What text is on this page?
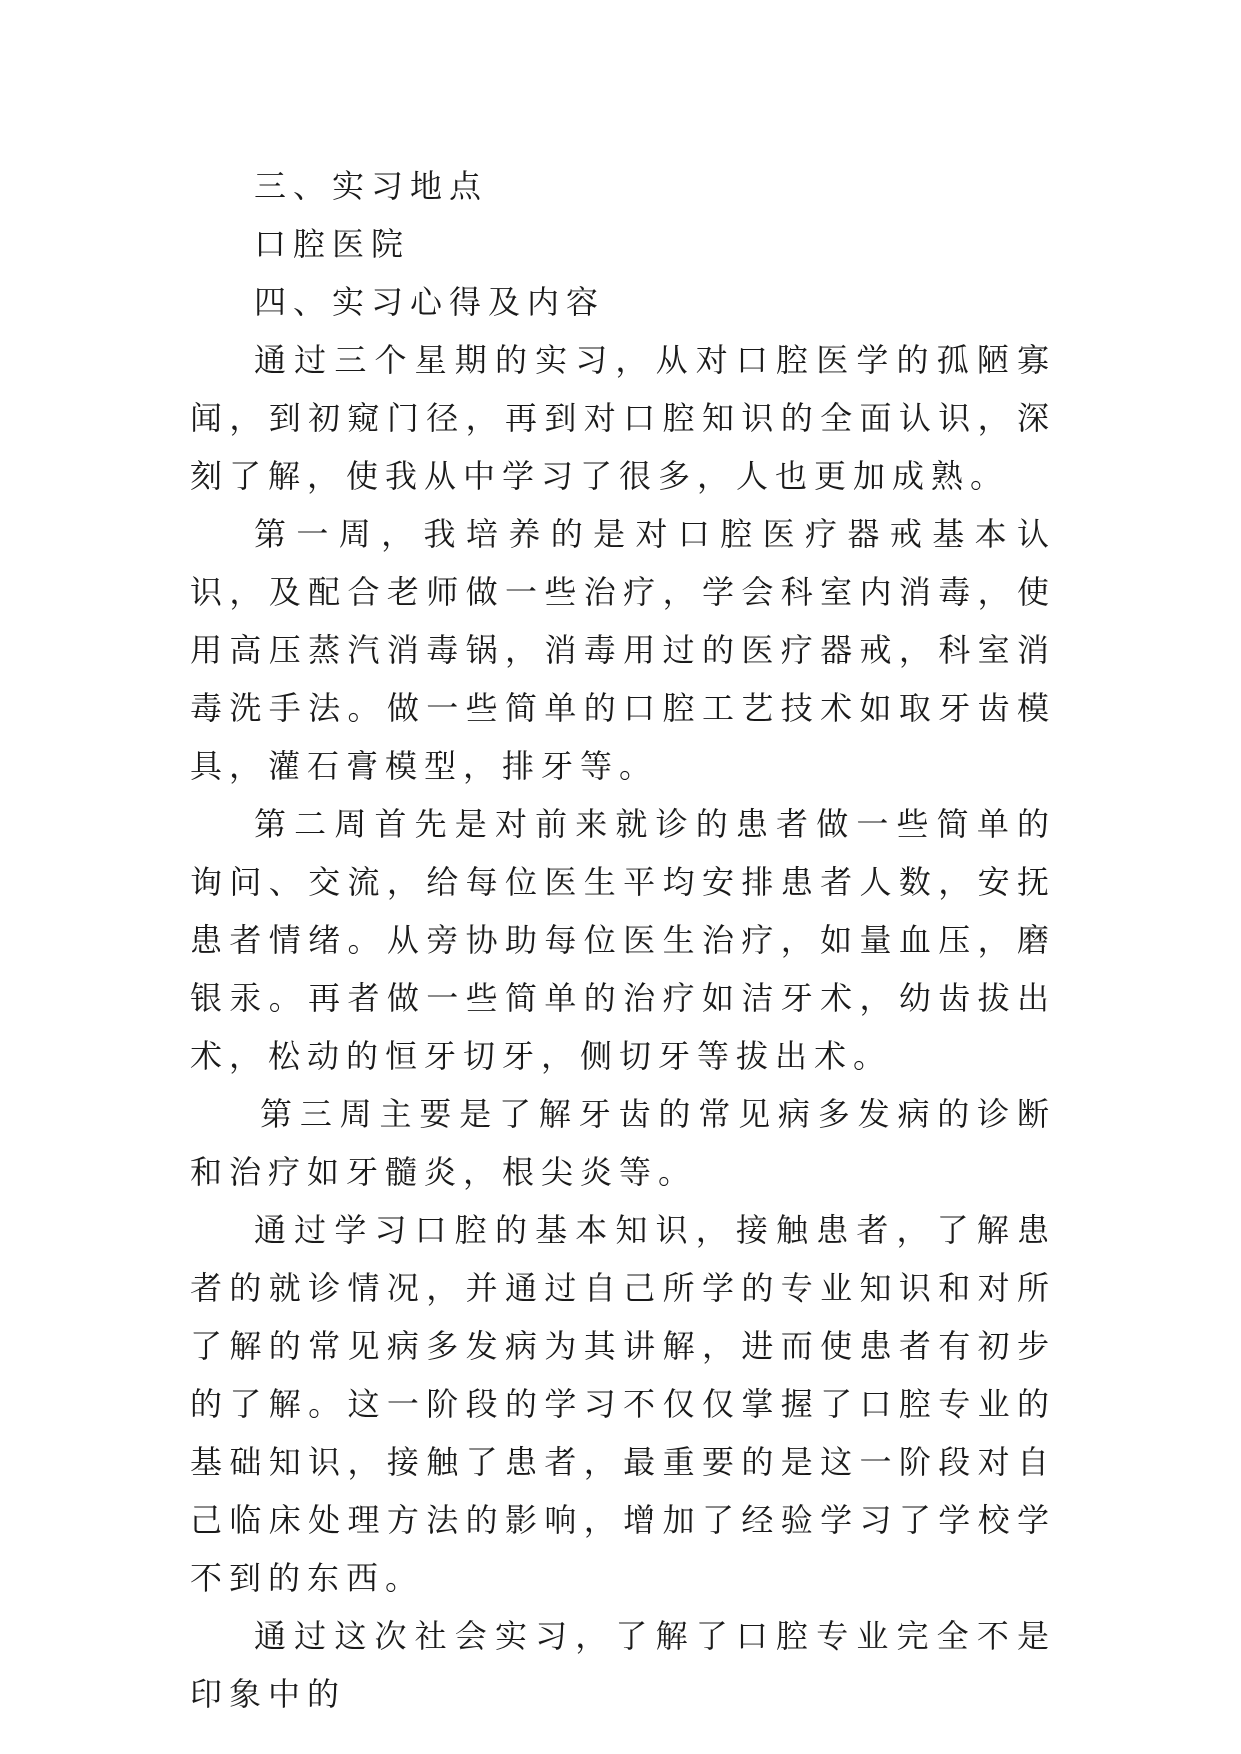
三、实习地点

口腔医院

四、实习心得及内容

通过三个星期的实习，从对口腔医学的孤陋寡闻，到初窥门径，再到对口腔知识的全面认识，深刻了解，使我从中学习了很多，人也更加成熟。

第一周，我培养的是对口腔医疗器戒基本认识，及配合老师做一些治疗，学会科室内消毒，使用高压蒸汽消毒锅，消毒用过的医疗器戒，科室消毒洗手法。做一些简单的口腔工艺技术如取牙齿模具，灌石膏模型，排牙等。

第二周首先是对前来就诊的患者做一些简单的询问、交流，给每位医生平均安排患者人数，安抚患者情绪。从旁协助每位医生治疗，如量血压，磨银汞。再者做一些简单的治疗如洁牙术，幼齿拔出术，松动的恒牙切牙，侧切牙等拔出术。

第三周主要是了解牙齿的常见病多发病的诊断和治疗如牙髓炎，根尖炎等。

通过学习口腔的基本知识，接触患者，了解患者的就诊情况，并通过自己所学的专业知识和对所了解的常见病多发病为其讲解，进而使患者有初步的了解。这一阶段的学习不仅仅掌握了口腔专业的基础知识，接触了患者，最重要的是这一阶段对自己临床处理方法的影响，增加了经验学习了学校学不到的东西。

通过这次社会实习，了解了口腔专业完全不是印象中的
